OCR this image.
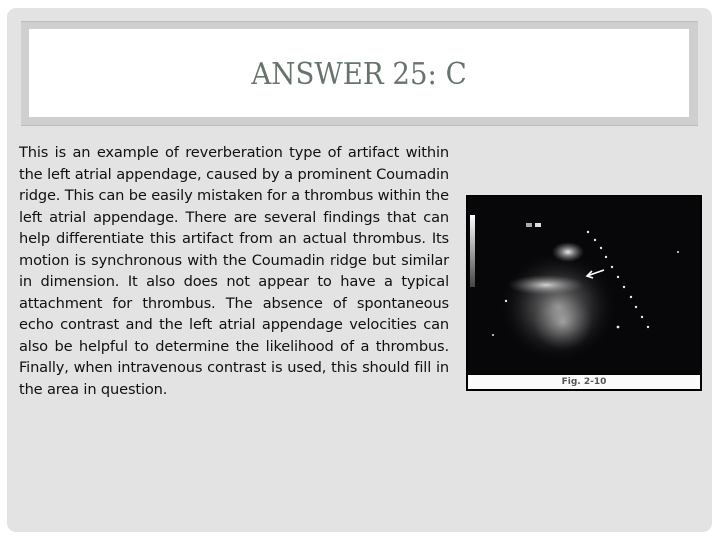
ANSWER 25: C
This is an example of reverberation type of artifact within the left atrial appendage, caused by a prominent Coumadin ridge. This can be easily mistaken for a thrombus within the left atrial appendage. There are several findings that can help differentiate this artifact from an actual thrombus. Its motion is synchronous with the Coumadin ridge but similar in dimension. It also does not appear to have a typical attachment for thrombus. The absence of spontaneous echo contrast and the left atrial appendage velocities can also be helpful to determine the likelihood of a thrombus. Finally, when intravenous contrast is used, this should fill in the area in question.	Fig. 2-10
